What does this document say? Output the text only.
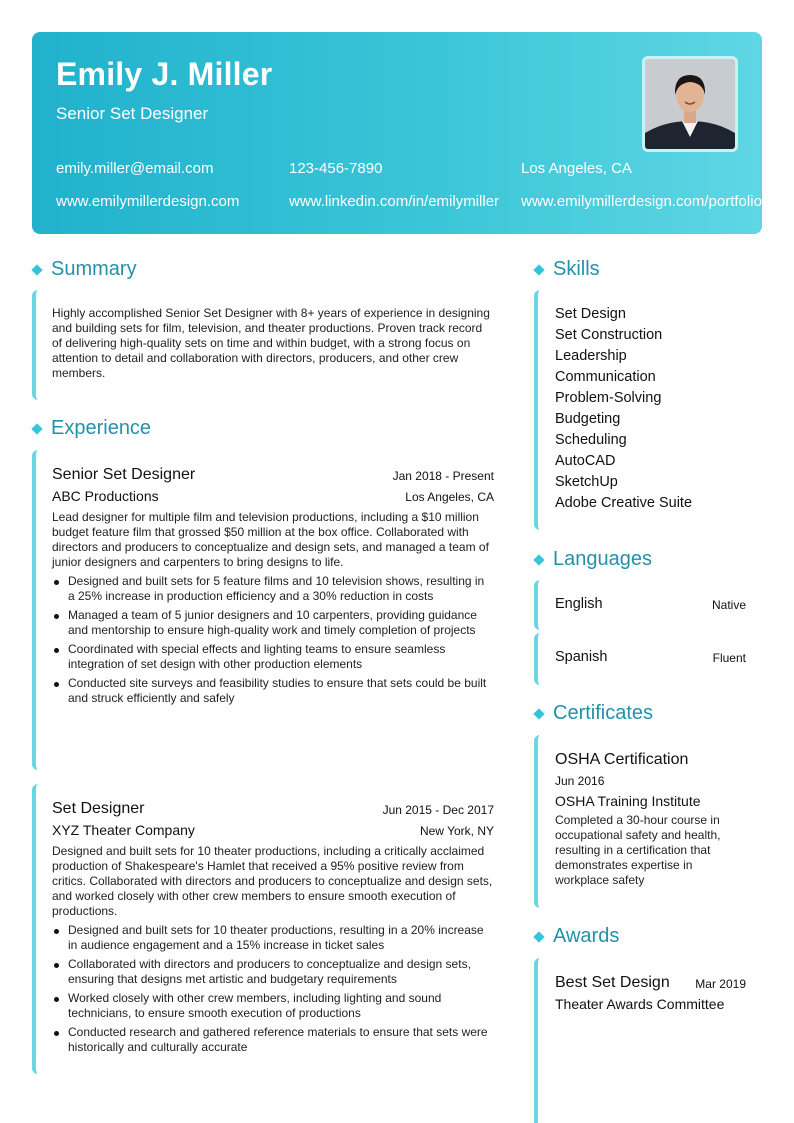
Emily J. Miller
Senior Set Designer
emily.miller@email.com	123-456-7890	Los Angeles, CA
www.emilymillerdesign.com	www.linkedin.com/in/emilymiller www.emilymillerdesign.com/portfolio
Summary
Highly accomplished Senior Set Designer with 8+ years of experience in designing and building sets for film, television, and theater productions. Proven track record of delivering high-quality sets on time and within budget, with a strong focus on attention to detail and collaboration with directors, producers, and other crew members.
Experience
Senior Set Designer	Jan 2018 - Present
ABC Productions	Los Angeles, CA
Lead designer for multiple film and television productions, including a $10 million budget feature film that grossed $50 million at the box office. Collaborated with directors and producers to conceptualize and design sets, and managed a team of junior designers and carpenters to bring designs to life.
Designed and built sets for 5 feature films and 10 television shows, resulting in a 25% increase in production efficiency and a 30% reduction in costs
Managed a team of 5 junior designers and 10 carpenters, providing guidance and mentorship to ensure high-quality work and timely completion of projects
Coordinated with special effects and lighting teams to ensure seamless integration of set design with other production elements
Conducted site surveys and feasibility studies to ensure that sets could be built and struck efficiently and safely
Set Designer	Jun 2015 - Dec 2017
XYZ Theater Company	New York, NY
Designed and built sets for 10 theater productions, including a critically acclaimed production of Shakespeare's Hamlet that received a 95% positive review from critics. Collaborated with directors and producers to conceptualize and design sets, and worked closely with other crew members to ensure smooth execution of productions.
Designed and built sets for 10 theater productions, resulting in a 20% increase in audience engagement and a 15% increase in ticket sales
Collaborated with directors and producers to conceptualize and design sets, ensuring that designs met artistic and budgetary requirements
Worked closely with other crew members, including lighting and sound technicians, to ensure smooth execution of productions
Conducted research and gathered reference materials to ensure that sets were historically and culturally accurate
Skills
Set Design
Set Construction
Leadership
Communication
Problem-Solving
Budgeting
Scheduling
AutoCAD
SketchUp
Adobe Creative Suite
Languages
English	Native
Spanish	Fluent
Certificates
OSHA Certification
Jun 2016
OSHA Training Institute
Completed a 30-hour course in occupational safety and health, resulting in a certification that demonstrates expertise in workplace safety
Awards
Best Set Design Mar 2019
Theater Awards Committee
